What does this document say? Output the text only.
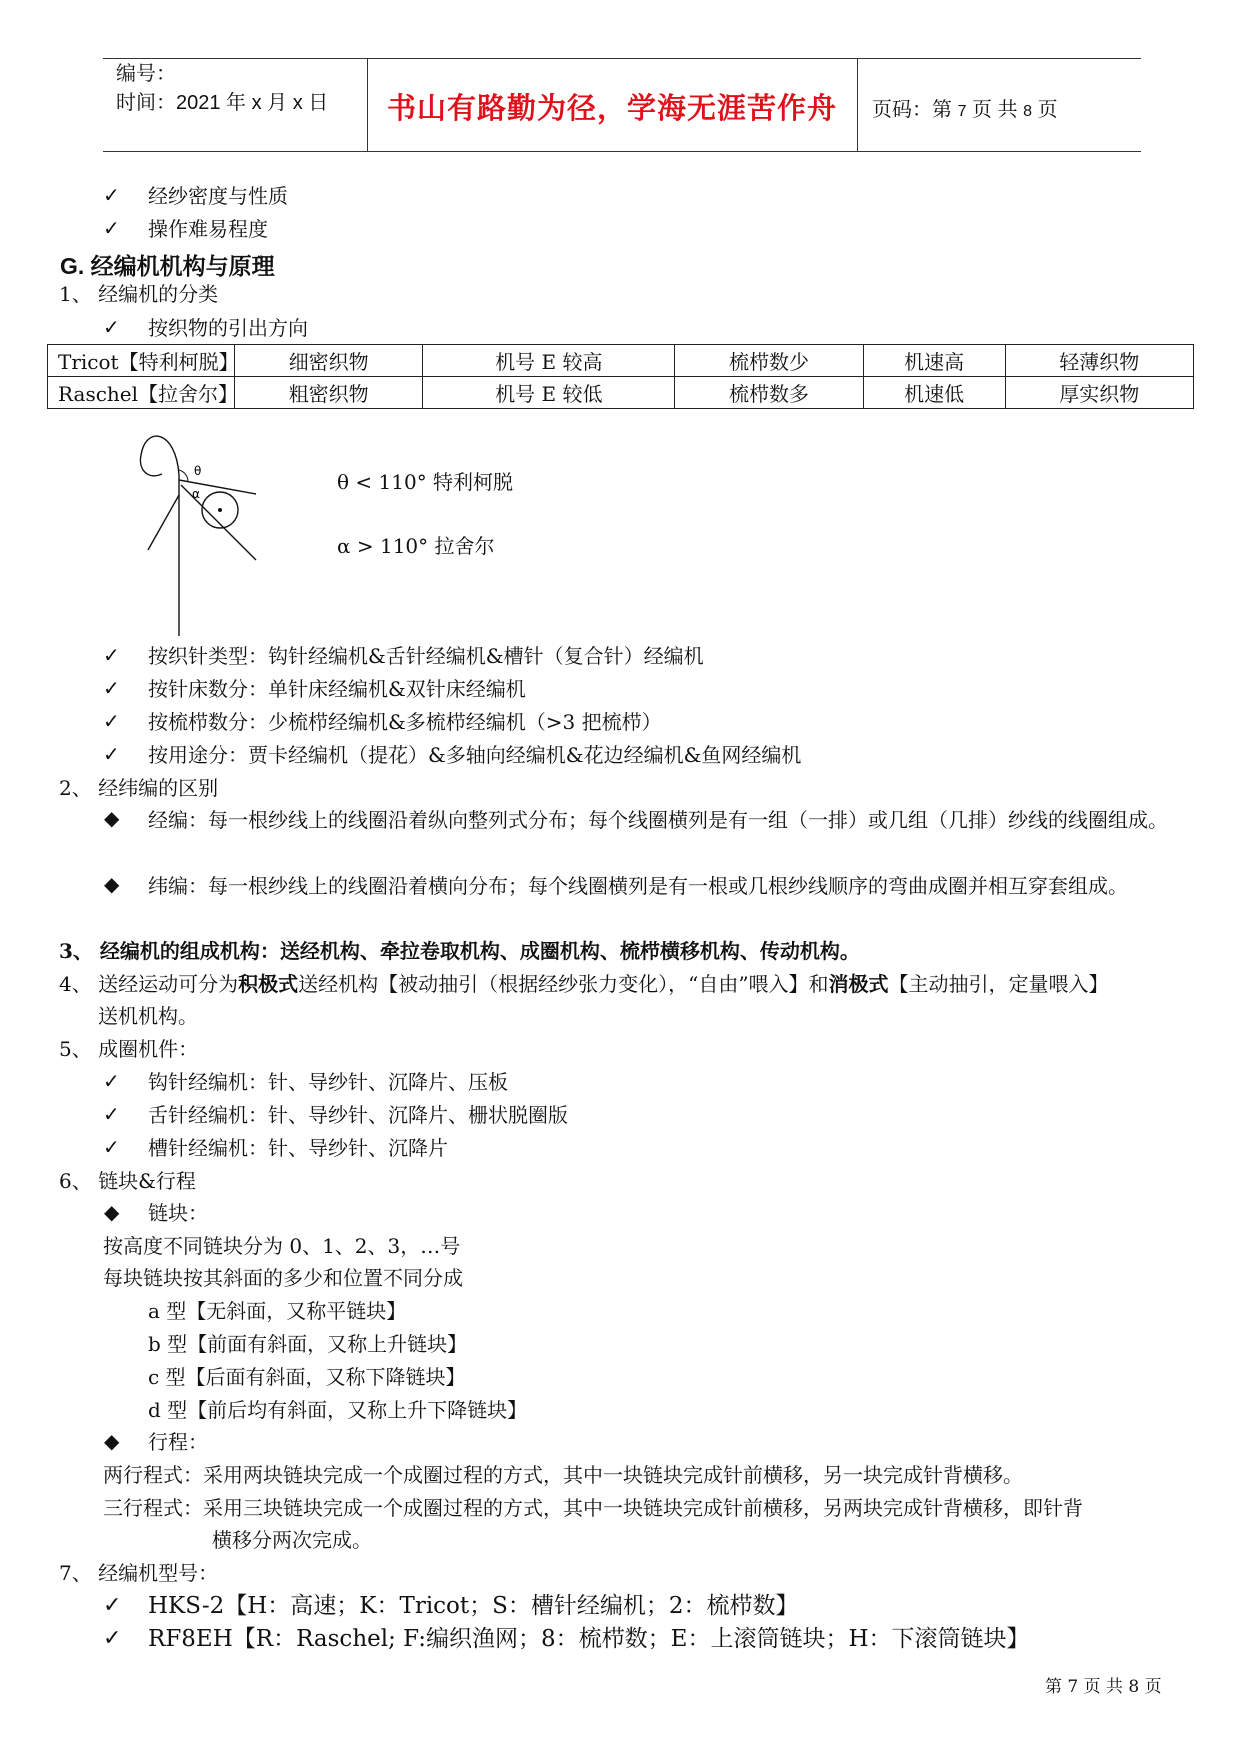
编号：
时间：2021 年 x 月 x 日	书山有路勤为径，学海无涯苦作舟	页码：第 7 页 共 8 页
✓ 经纱密度与性质
✓ 操作难易程度
G. 经编机机构与原理
1、 经编机的分类
✓ 按织物的引出方向
Tricot【特利柯脱】	细密织物	机号 E 较高	梳栉数少	机速高	轻薄织物
Raschel【拉舍尔】	粗密织物	机号 E 较低	梳栉数多	机速低	厚实织物
θ
α	θ < 110° 特利柯脱
α > 110° 拉舍尔
✓ 按织针类型：钩针经编机&舌针经编机&槽针（复合针）经编机
✓ 按针床数分：单针床经编机&双针床经编机
✓ 按梳栉数分：少梳栉经编机&多梳栉经编机（>3 把梳栉）
✓ 按用途分：贾卡经编机（提花）&多轴向经编机&花边经编机&鱼网经编机
2、 经纬编的区别
◆ 经编：每一根纱线上的线圈沿着纵向整列式分布；每个线圈横列是有一组（一排）或几组（几排）纱线的线圈组成。
◆ 纬编：每一根纱线上的线圈沿着横向分布；每个线圈横列是有一根或几根纱线顺序的弯曲成圈并相互穿套组成。
3、 经编机的组成机构：送经机构、牵拉卷取机构、成圈机构、梳栉横移机构、传动机构。
4、 送经运动可分为积极式送经机构【被动抽引（根据经纱张力变化），“自由”喂入】和消极式【主动抽引，定量喂入】
送机机构。
5、 成圈机件：
✓ 钩针经编机：针、导纱针、沉降片、压板
✓ 舌针经编机：针、导纱针、沉降片、栅状脱圈版
✓ 槽针经编机：针、导纱针、沉降片
6、 链块&行程
◆ 链块：
按高度不同链块分为 0、1、2、3，…号
每块链块按其斜面的多少和位置不同分成
a 型【无斜面，又称平链块】
b 型【前面有斜面，又称上升链块】
c 型【后面有斜面，又称下降链块】
d 型【前后均有斜面，又称上升下降链块】
◆ 行程：
两行程式：采用两块链块完成一个成圈过程的方式，其中一块链块完成针前横移，另一块完成针背横移。
三行程式：采用三块链块完成一个成圈过程的方式，其中一块链块完成针前横移，另两块完成针背横移，即针背
横移分两次完成。
7、 经编机型号：
✓ HKS-2【H：高速；K：Tricot；S：槽针经编机；2：梳栉数】
✓ RF8EH【R：Raschel; F:编织渔网；8：梳栉数；E：上滚筒链块；H：下滚筒链块】
第 7 页 共 8 页
